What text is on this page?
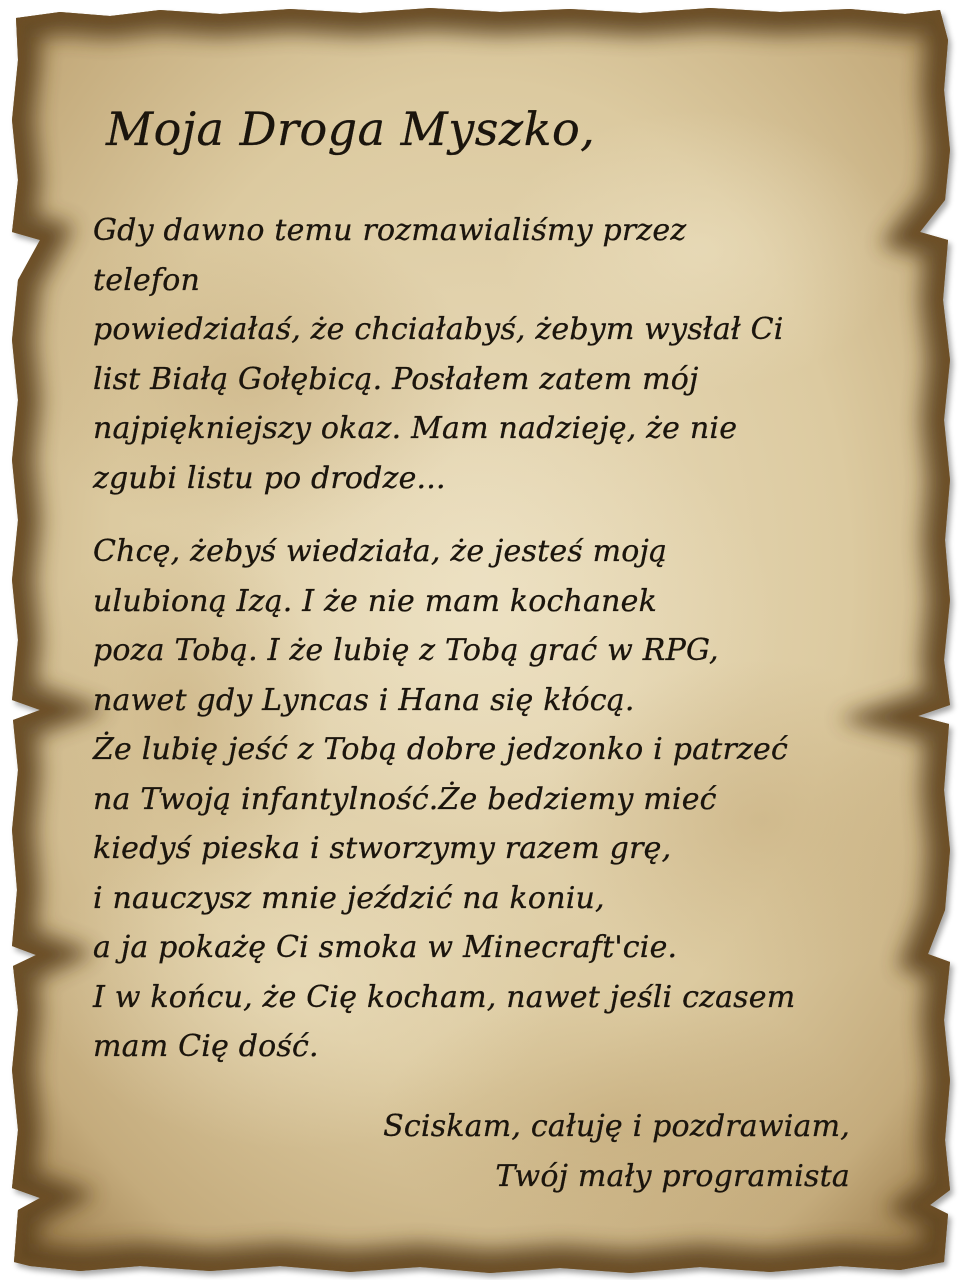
Moja Droga Myszko,

Gdy dawno temu rozmawialiśmy przez
telefon
powiedziałaś, że chciałabyś, żebym wysłał Ci
list Białą Gołębicą. Posłałem zatem mój
najpiękniejszy okaz. Mam nadzieję, że nie
zgubi listu po drodze...

Chcę, żebyś wiedziała, że jesteś moją
ulubioną Izą. I że nie mam kochanek
poza Tobą. I że lubię z Tobą grać w RPG,
nawet gdy Lyncas i Hana się kłócą.
Że lubię jeść z Tobą dobre jedzonko i patrzeć
na Twoją infantylność.Że bedziemy mieć
kiedyś pieska i stworzymy razem grę,
i nauczysz mnie jeździć na koniu,
a ja pokażę Ci smoka w Minecraft'cie.
I w końcu, że Cię kocham, nawet jeśli czasem
mam Cię dość.

Sciskam, całuję i pozdrawiam,
Twój mały programista
